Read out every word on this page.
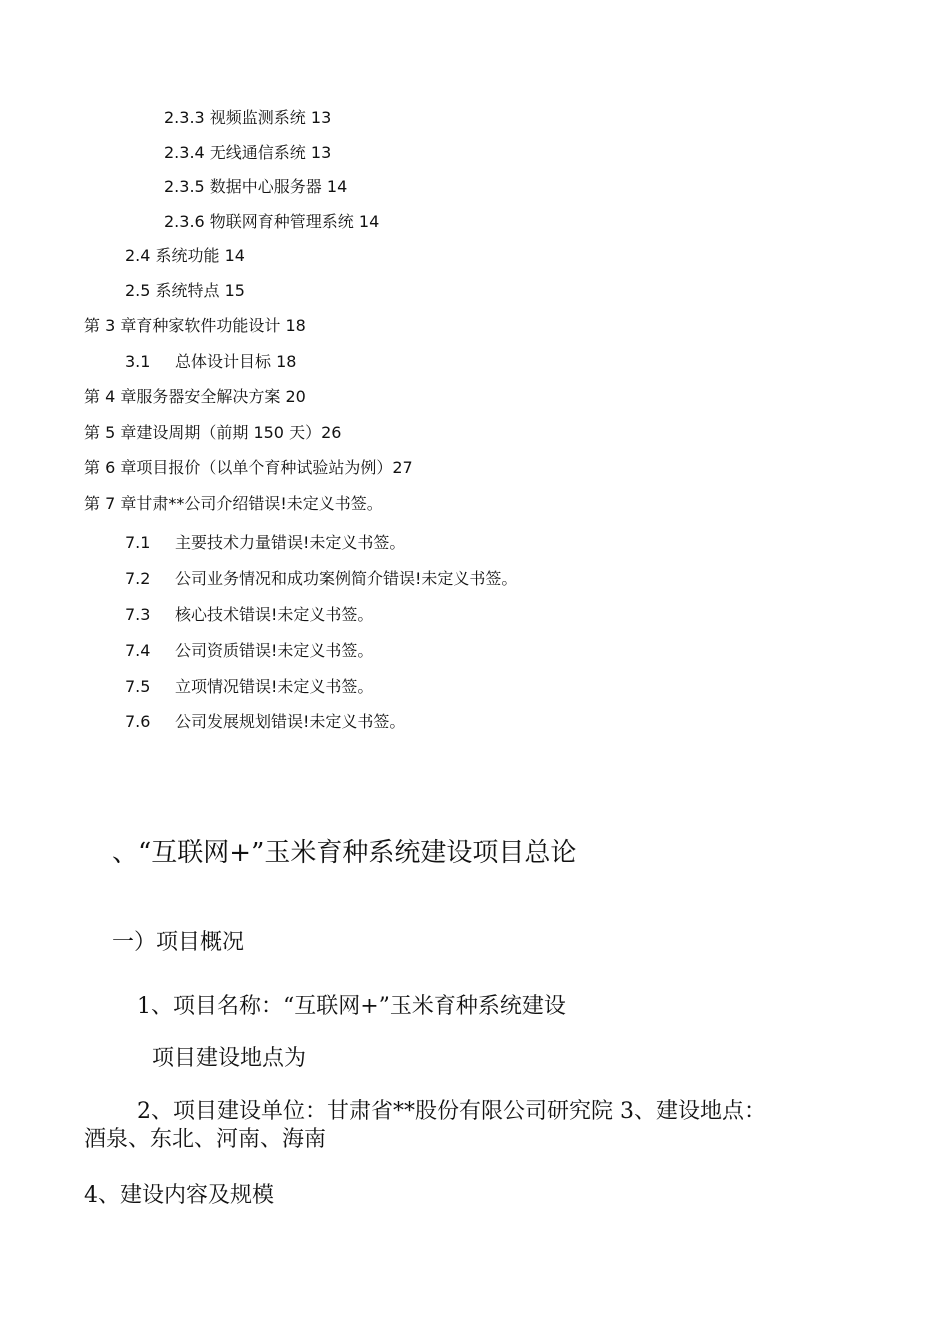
2.3.3 视频监测系统 13
2.3.4 无线通信系统 13
2.3.5 数据中心服务器 14
2.3.6 物联网育种管理系统 14
2.4 系统功能 14
2.5 系统特点 15
第 3 章育种家软件功能设计 18
3.1 总体设计目标 18
第 4 章服务器安全解决方案 20
第 5 章建设周期（前期 150 天）26
第 6 章项目报价（以单个育种试验站为例）27
第 7 章甘肃**公司介绍错误!未定义书签。
7.1 主要技术力量错误!未定义书签。
7.2 公司业务情况和成功案例简介错误!未定义书签。
7.3 核心技术错误!未定义书签。
7.4 公司资质错误!未定义书签。
7.5 立项情况错误!未定义书签。
7.6 公司发展规划错误!未定义书签。
、“互联网+”玉米育种系统建设项目总论
一）项目概况
1、项目名称：“互联网+”玉米育种系统建设
项目建设地点为
2、项目建设单位：甘肃省**股份有限公司研究院 3、建设地点：
酒泉、东北、河南、海南
4、建设内容及规模
